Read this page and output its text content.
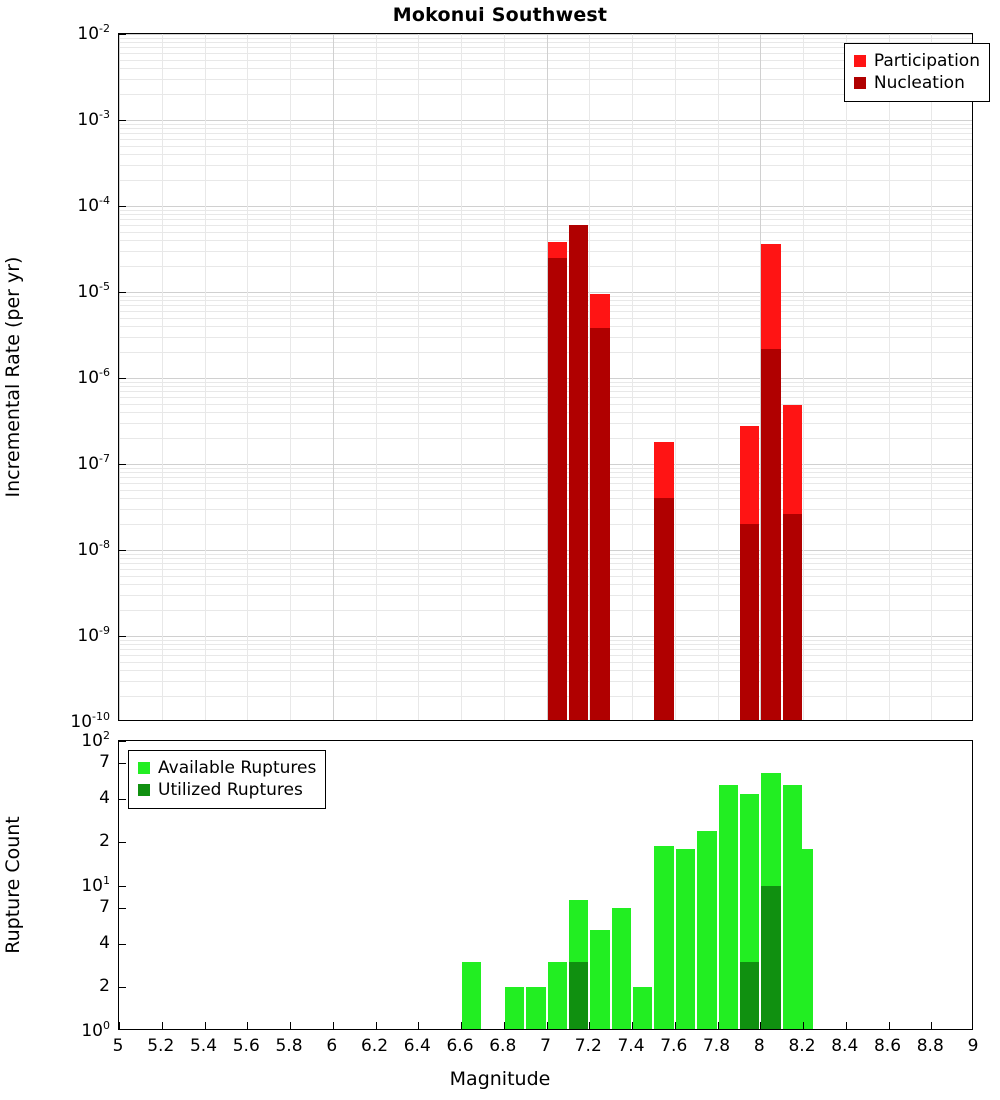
Mokonui Southwest
Incremental Rate (per yr)
Rupture Count
Magnitude
Participation
Nucleation
Available Ruptures
Utilized Ruptures
$10^{-10}$
$10^{-9}$
$10^{-8}$
$10^{-7}$
$10^{-6}$
$10^{-5}$
$10^{-4}$
$10^{-3}$
$10^{-2}$
$10^0$
2
4
7
$10^1$
2
4
7
$10^2$
5 5.2 5.4 5.6 5.8 6 6.2 6.4 6.6 6.8 7 7.2 7.4 7.6 7.8 8 8.2 8.4 8.6 8.8 9
